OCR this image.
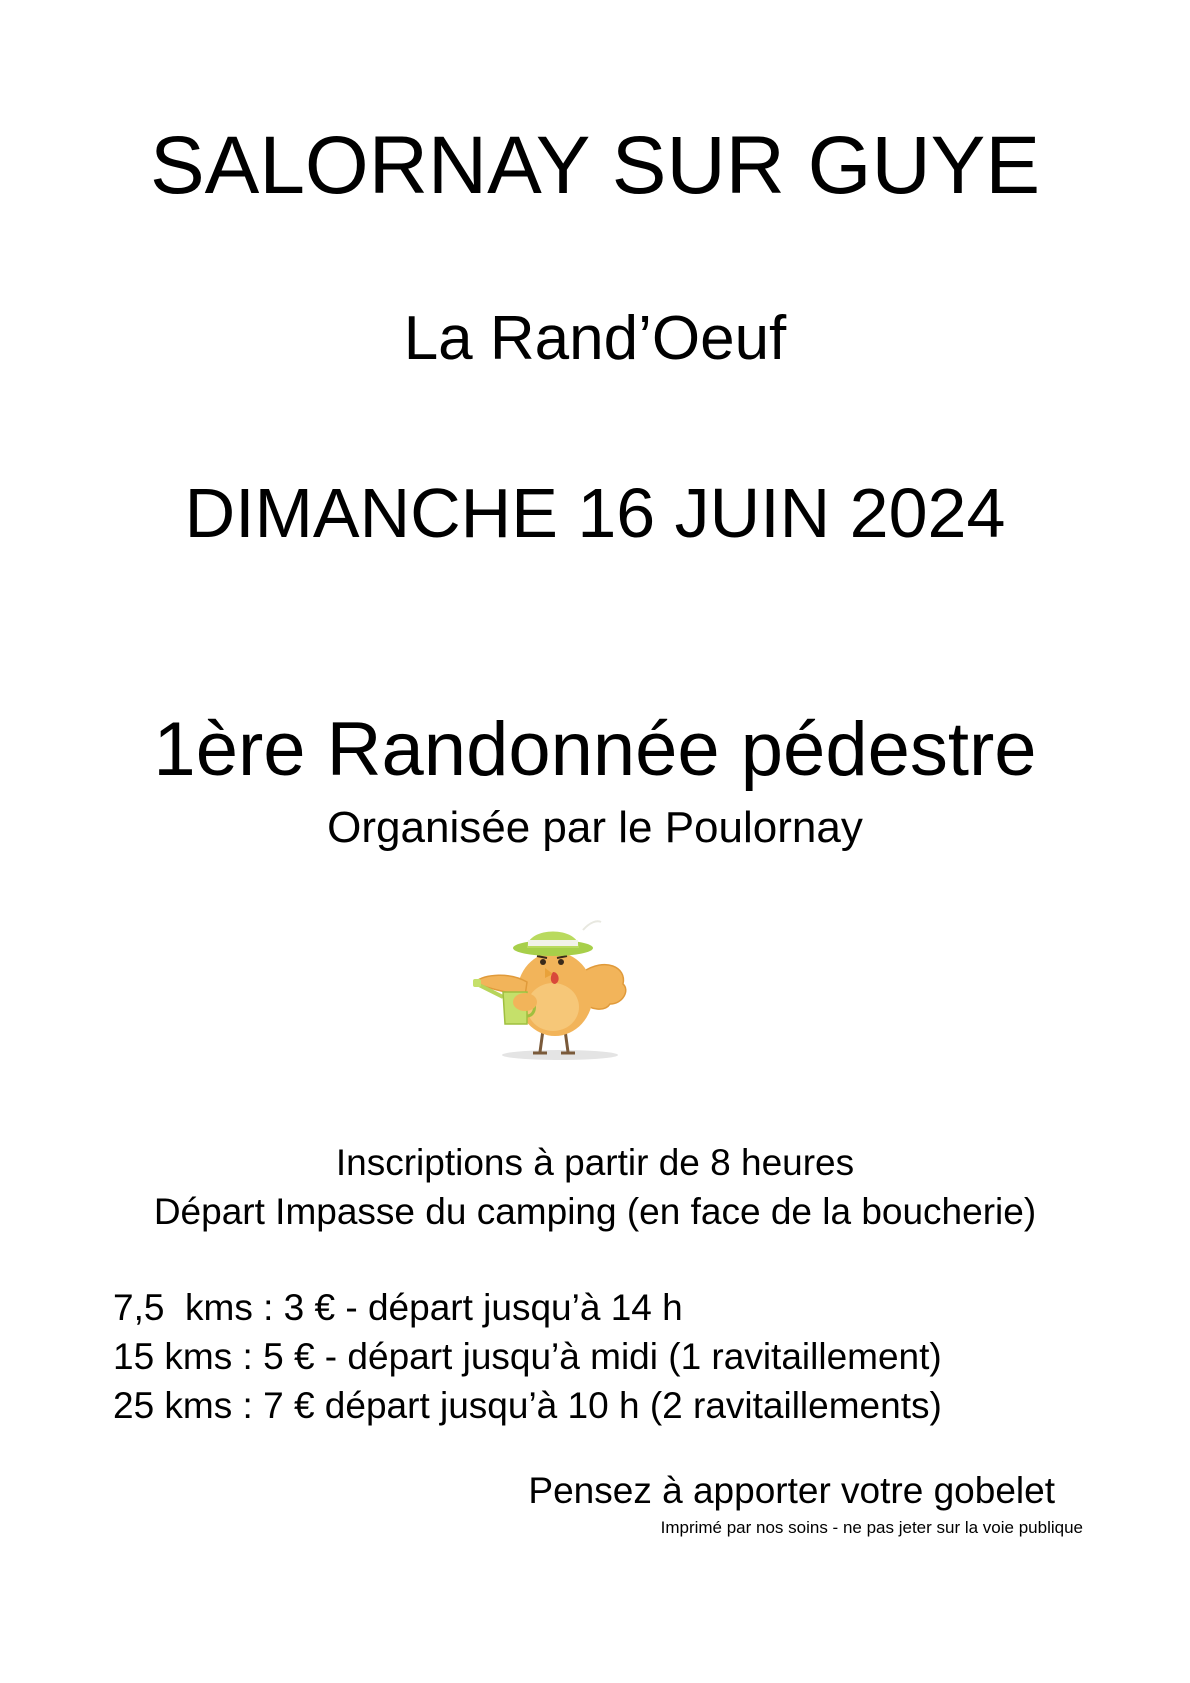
SALORNAY SUR GUYE
La Rand’Oeuf
DIMANCHE 16 JUIN 2024
1ère Randonnée pédestre
Organisée par le Poulornay
Inscriptions à partir de 8 heures
Départ Impasse du camping (en face de la boucherie)
7,5  kms : 3 € - départ jusqu’à 14 h
15 kms : 5 € - départ jusqu’à midi (1 ravitaillement)
25 kms : 7 € départ jusqu’à 10 h (2 ravitaillements)
Pensez à apporter votre gobelet
Imprimé par nos soins - ne pas jeter sur la voie publique
